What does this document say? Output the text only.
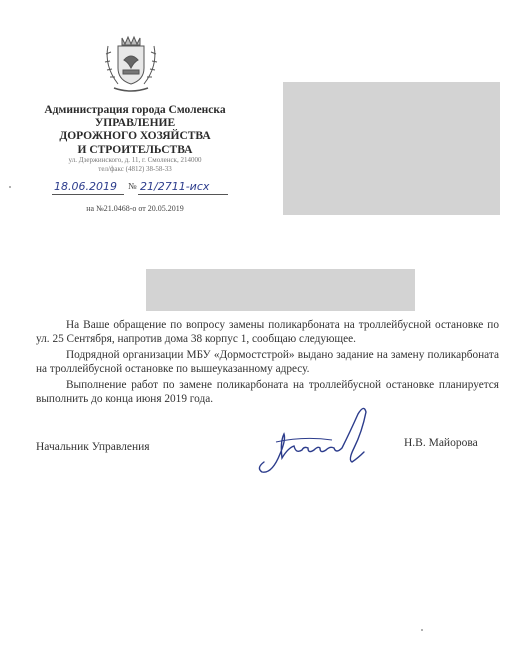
Администрация города Смоленска
УПРАВЛЕНИЕ
ДОРОЖНОГО ХОЗЯЙСТВА
И СТРОИТЕЛЬСТВА
ул. Дзержинского, д. 11, г. Смоленск, 214000
тел/факс (4812) 38-58-33
18.06.2019 № 21/2711-исх
на №21.0468-о от 20.05.2019
На Ваше обращение по вопросу замены поликарбоната на троллейбусной остановке по ул. 25 Сентября, напротив дома 38 корпус 1, сообщаю следующее.
Подрядной организации МБУ «Дормостстрой» выдано задание на замену поликарбоната на троллейбусной остановке по вышеуказанному адресу.
Выполнение работ по замене поликарбоната на троллейбусной остановке планируется выполнить до конца июня 2019 года.
Начальник Управления	Н.В. Майорова
